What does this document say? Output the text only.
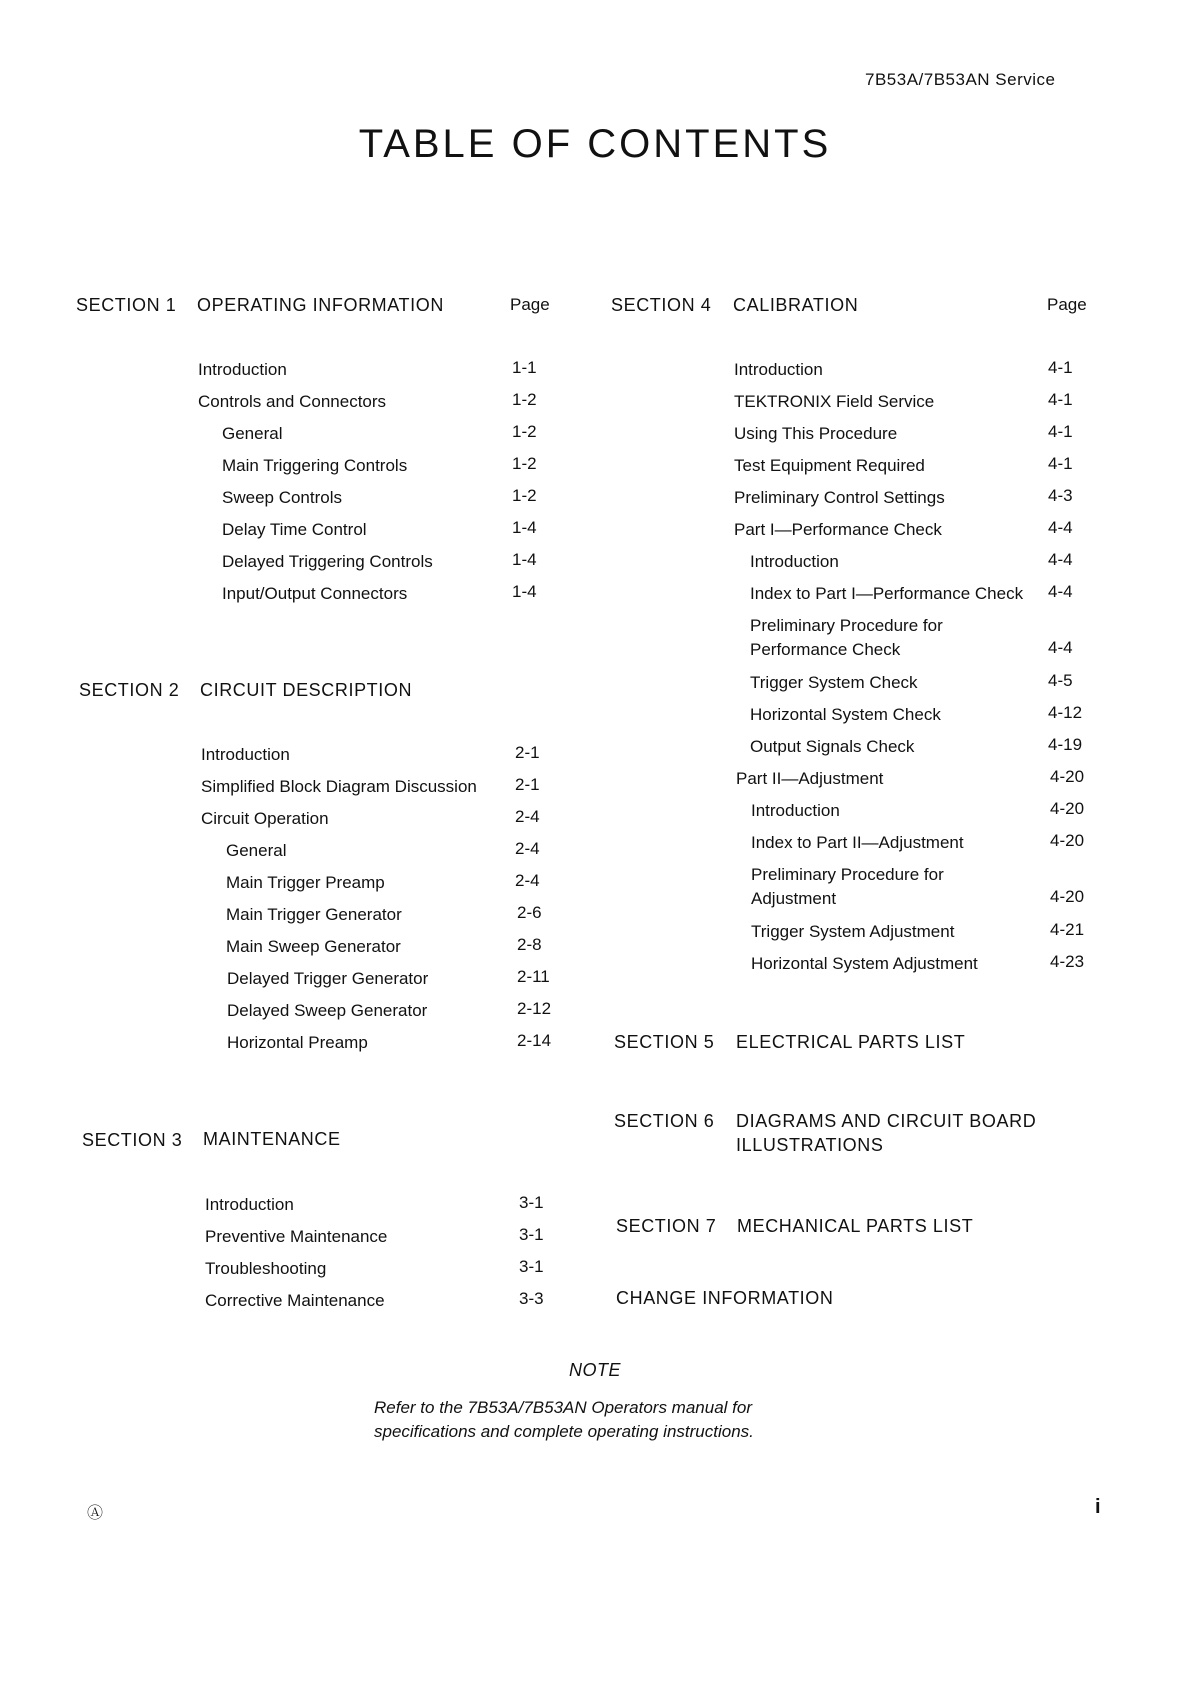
7B53A/7B53AN Service
TABLE OF CONTENTS
SECTION 1 OPERATING INFORMATION	Page
Introduction	1-1
Controls and Connectors	1-2
General	1-2
Main Triggering Controls	1-2
Sweep Controls	1-2
Delay Time Control	1-4
Delayed Triggering Controls	1-4
Input/Output Connectors	1-4
SECTION 2 CIRCUIT DESCRIPTION
Introduction	2-1
Simplified Block Diagram Discussion 2-1
Circuit Operation	2-4
General	2-4
Main Trigger Preamp	2-4
Main Trigger Generator	2-6
Main Sweep Generator	2-8
Delayed Trigger Generator	2-11
Delayed Sweep Generator	2-12
Horizontal Preamp	2-14
SECTION 3 MAINTENANCE
Introduction	3-1
Preventive Maintenance	3-1
Troubleshooting	3-1
Corrective Maintenance	3-3
SECTION 4 CALIBRATION	Page
Introduction	4-1
TEKTRONIX Field Service	4-1
Using This Procedure	4-1
Test Equipment Required	4-1
Preliminary Control Settings	4-3
Part I—Performance Check	4-4
Introduction	4-4
Index to Part I—Performance Check 4-4
Preliminary Procedure for
Performance Check	4-4
Trigger System Check	4-5
Horizontal System Check	4-12
Output Signals Check	4-19
Part II—Adjustment	4-20
Introduction	4-20
Index to Part II—Adjustment	4-20
Preliminary Procedure for
Adjustment	4-20
Trigger System Adjustment	4-21
Horizontal System Adjustment	4-23
SECTION 5 ELECTRICAL PARTS LIST
SECTION 6 DIAGRAMS AND CIRCUIT BOARD
ILLUSTRATIONS
SECTION 7 MECHANICAL PARTS LIST
CHANGE INFORMATION
NOTE
Refer to the 7B53A/7B53AN Operators manual for specifications and complete operating instructions.
Ⓐ	i
